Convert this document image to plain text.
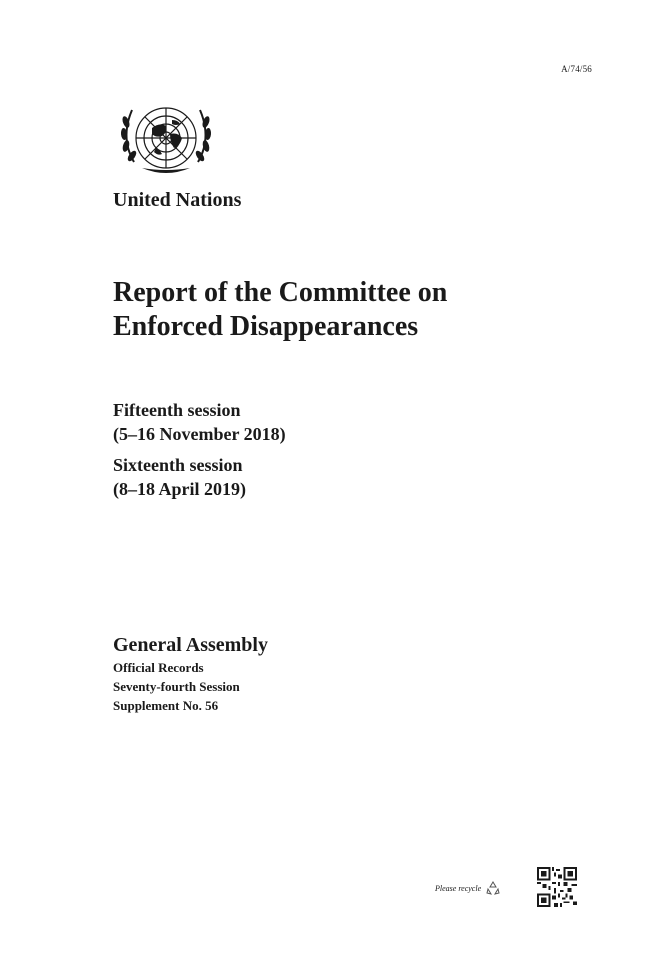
A/74/56
United Nations
Report of the Committee on
Enforced Disappearances
Fifteenth session
(5–16 November 2018)
Sixteenth session
(8–18 April 2019)
General Assembly
Official Records
Seventy-fourth Session
Supplement No. 56
Please recycle
